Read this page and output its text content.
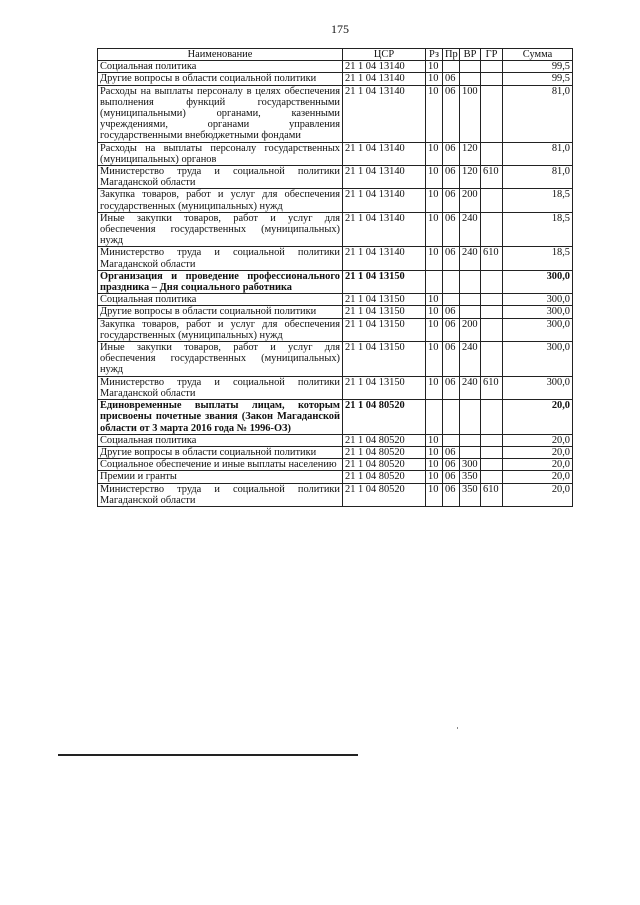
175
Наименование	ЦСР	Рз	Пр	ВР	ГР	Сумма
Социальная политика	21 1 04 13140	10				99,5
Другие вопросы в области социальной политики	21 1 04 13140	10	06			99,5
Расходы на выплаты персоналу в целях обеспечения выполнения функций государственными (муниципальными) органами, казенными учреждениями, органами управления государственными внебюджетными фондами	21 1 04 13140	10	06	100		81,0
Расходы на выплаты персоналу государственных (муниципальных) органов	21 1 04 13140	10	06	120		81,0
Министерство труда и социальной политики Магаданской области	21 1 04 13140	10	06	120	610	81,0
Закупка товаров, работ и услуг для обеспечения государственных (муниципальных) нужд	21 1 04 13140	10	06	200		18,5
Иные закупки товаров, работ и услуг для обеспечения государственных (муниципальных) нужд	21 1 04 13140	10	06	240		18,5
Министерство труда и социальной политики Магаданской области	21 1 04 13140	10	06	240	610	18,5
Организация и проведение профессионального праздника – Дня социального работника	21 1 04 13150					300,0
Социальная политика	21 1 04 13150	10				300,0
Другие вопросы в области социальной политики	21 1 04 13150	10	06			300,0
Закупка товаров, работ и услуг для обеспечения государственных (муниципальных) нужд	21 1 04 13150	10	06	200		300,0
Иные закупки товаров, работ и услуг для обеспечения государственных (муниципальных) нужд	21 1 04 13150	10	06	240		300,0
Министерство труда и социальной политики Магаданской области	21 1 04 13150	10	06	240	610	300,0
Единовременные выплаты лицам, которым присвоены почетные звания (Закон Магаданской области от 3 марта 2016 года № 1996-ОЗ)	21 1 04 80520					20,0
Социальная политика	21 1 04 80520	10				20,0
Другие вопросы в области социальной политики	21 1 04 80520	10	06			20,0
Социальное обеспечение и иные выплаты населению	21 1 04 80520	10	06	300		20,0
Премии и гранты	21 1 04 80520	10	06	350		20,0
Министерство труда и социальной политики Магаданской области	21 1 04 80520	10	06	350	610	20,0
